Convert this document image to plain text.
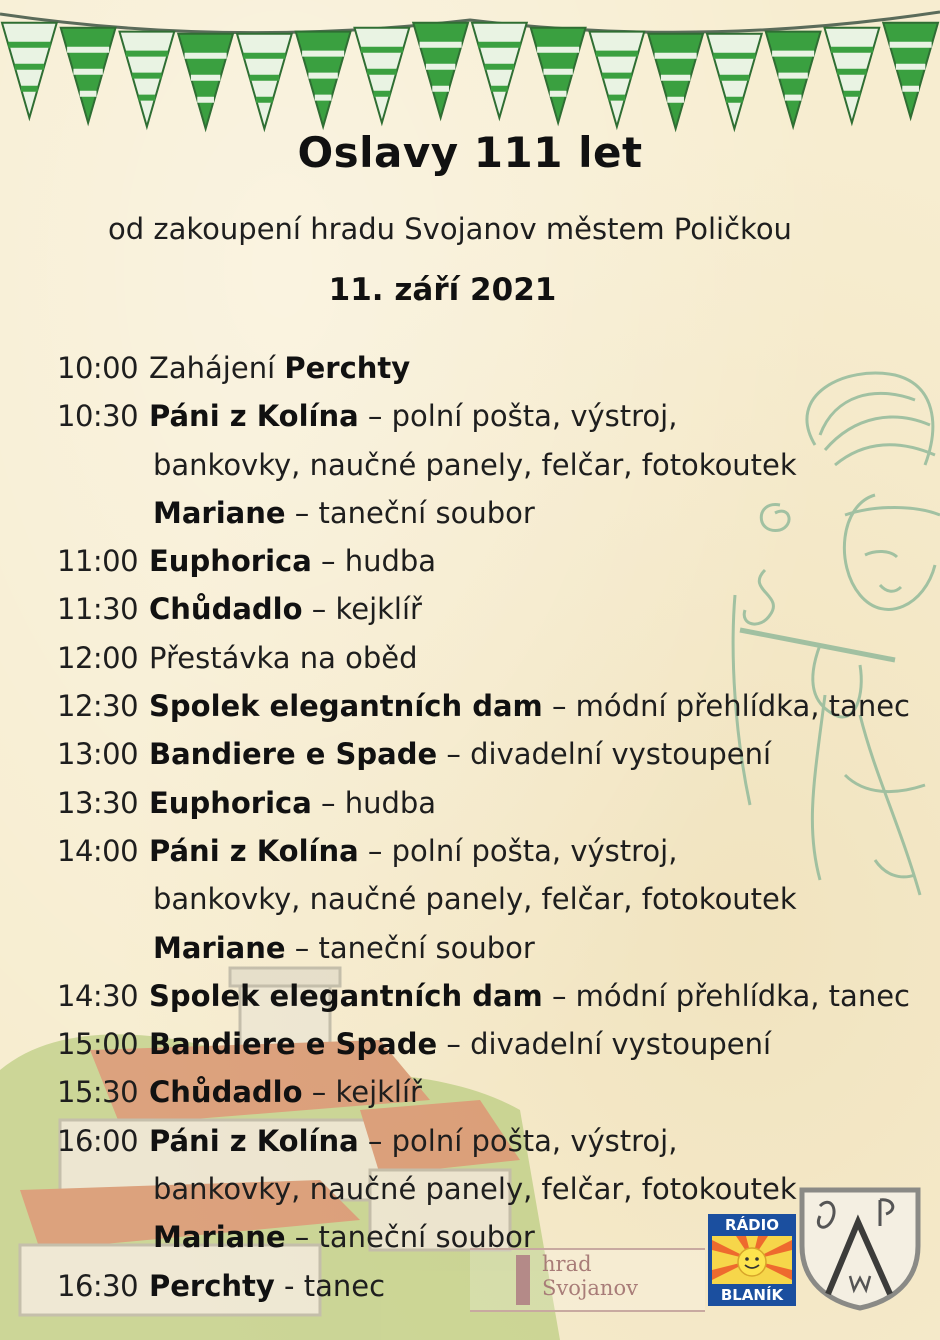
Oslavy 111 let
od zakoupení hradu Svojanov městem Poličkou
11. září 2021
10:00 Zahájení Perchty
10:30 Páni z Kolína – polní pošta, výstroj,
bankovky, naučné panely, felčar, fotokoutek
Mariane – taneční soubor
11:00 Euphorica – hudba
11:30 Chůdadlo – kejklíř
12:00 Přestávka na oběd
12:30 Spolek elegantních dam – módní přehlídka, tanec
13:00 Bandiere e Spade – divadelní vystoupení
13:30 Euphorica – hudba
14:00 Páni z Kolína – polní pošta, výstroj,
bankovky, naučné panely, felčar, fotokoutek
Mariane – taneční soubor
14:30 Spolek elegantních dam – módní přehlídka, tanec
15:00 Bandiere e Spade – divadelní vystoupení
15:30 Chůdadlo – kejklíř
16:00 Páni z Kolína – polní pošta, výstroj,
bankovky, naučné panely, felčar, fotokoutek
Mariane – taneční soubor
16:30 Perchty - tanec
hrad
Svojanov
RÁDIO
BLANÍK
